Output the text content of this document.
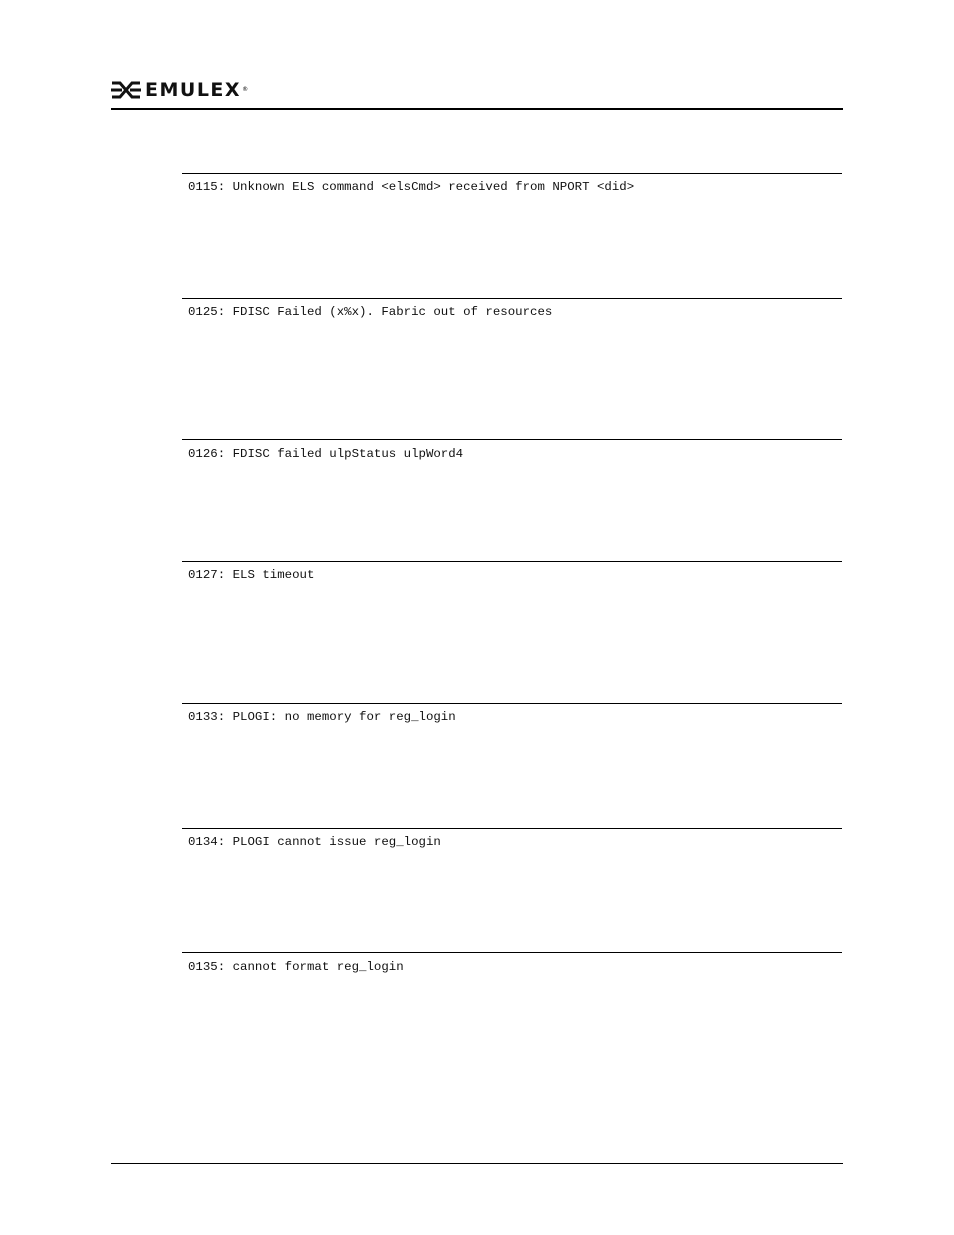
EMULEX ®
0115: Unknown ELS command <elsCmd> received from NPORT <did>
0125: FDISC Failed (x%x). Fabric out of resources
0126: FDISC failed ulpStatus ulpWord4
0127: ELS timeout
0133: PLOGI: no memory for reg_login
0134: PLOGI cannot issue reg_login
0135: cannot format reg_login
